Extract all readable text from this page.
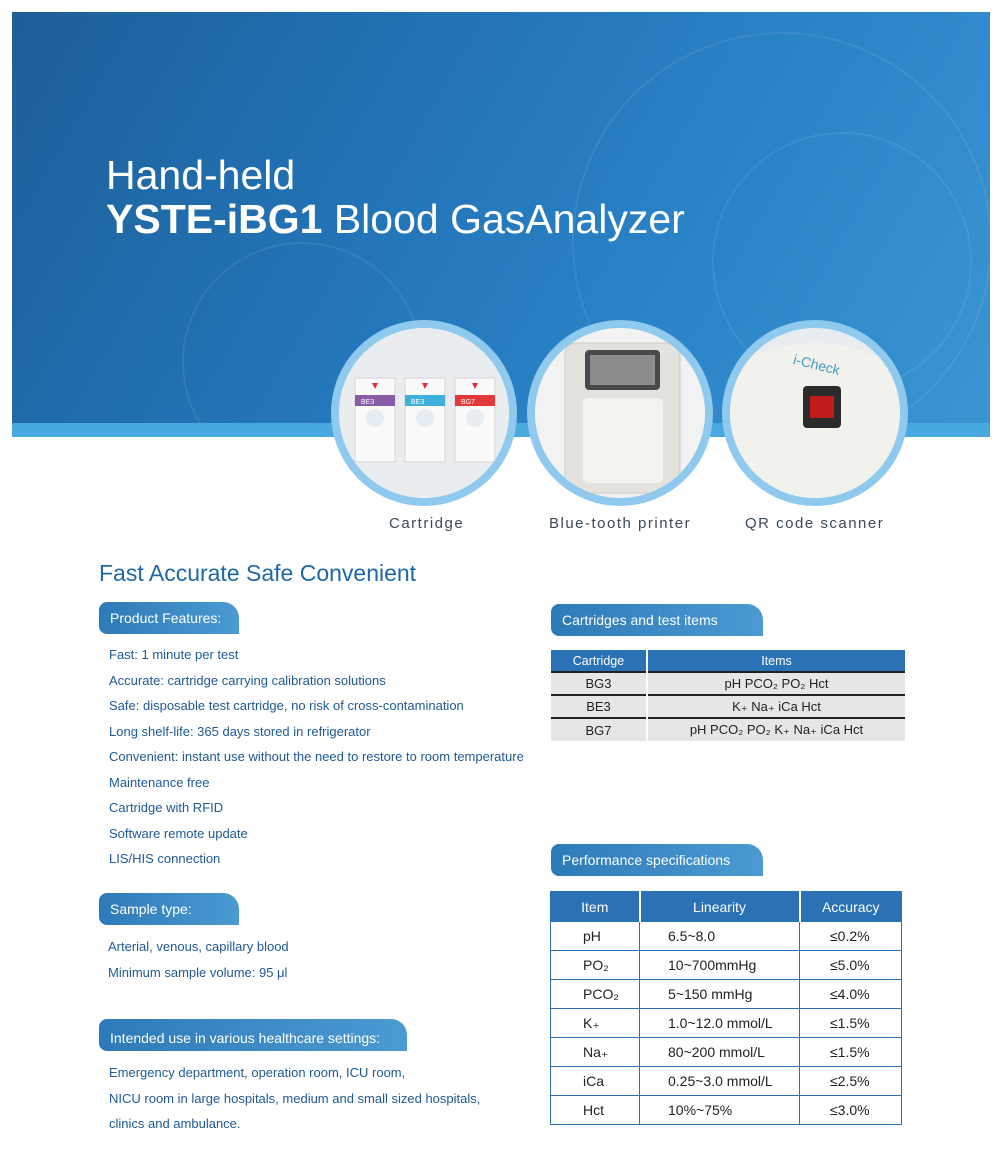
Hand-held
YSTE-iBG1 Blood GasAnalyzer
BE3	BE3	BG7
i-Check
Cartridge	Blue-tooth printer	QR code scanner
Fast Accurate Safe Convenient
Product Features:
Fast: 1 minute per test
Accurate: cartridge carrying calibration solutions
Safe: disposable test cartridge, no risk of cross-contamination
Long shelf-life: 365 days stored in refrigerator
Convenient: instant use without the need to restore to room temperature
Maintenance free
Cartridge with RFID
Software remote update
LIS/HIS connection
Sample type:
Arterial, venous, capillary blood
Minimum sample volume: 95 μl
Intended use in various healthcare settings:
Emergency department, operation room, ICU room,
NICU room in large hospitals, medium and small sized hospitals,
clinics and ambulance.
Cartridges and test items
Cartridge	Items
BG3	pH PCO₂ PO₂ Hct
BE3	K₊ Na₊ iCa Hct
BG7	pH PCO₂ PO₂ K₊ Na₊ iCa Hct
Performance specifications
Item	Linearity	Accuracy
pH	6.5~8.0	≤0.2%
PO₂	10~700mmHg	≤5.0%
PCO₂	5~150 mmHg	≤4.0%
K₊	1.0~12.0 mmol/L	≤1.5%
Na₊	80~200 mmol/L	≤1.5%
iCa	0.25~3.0 mmol/L	≤2.5%
Hct	10%~75%	≤3.0%
